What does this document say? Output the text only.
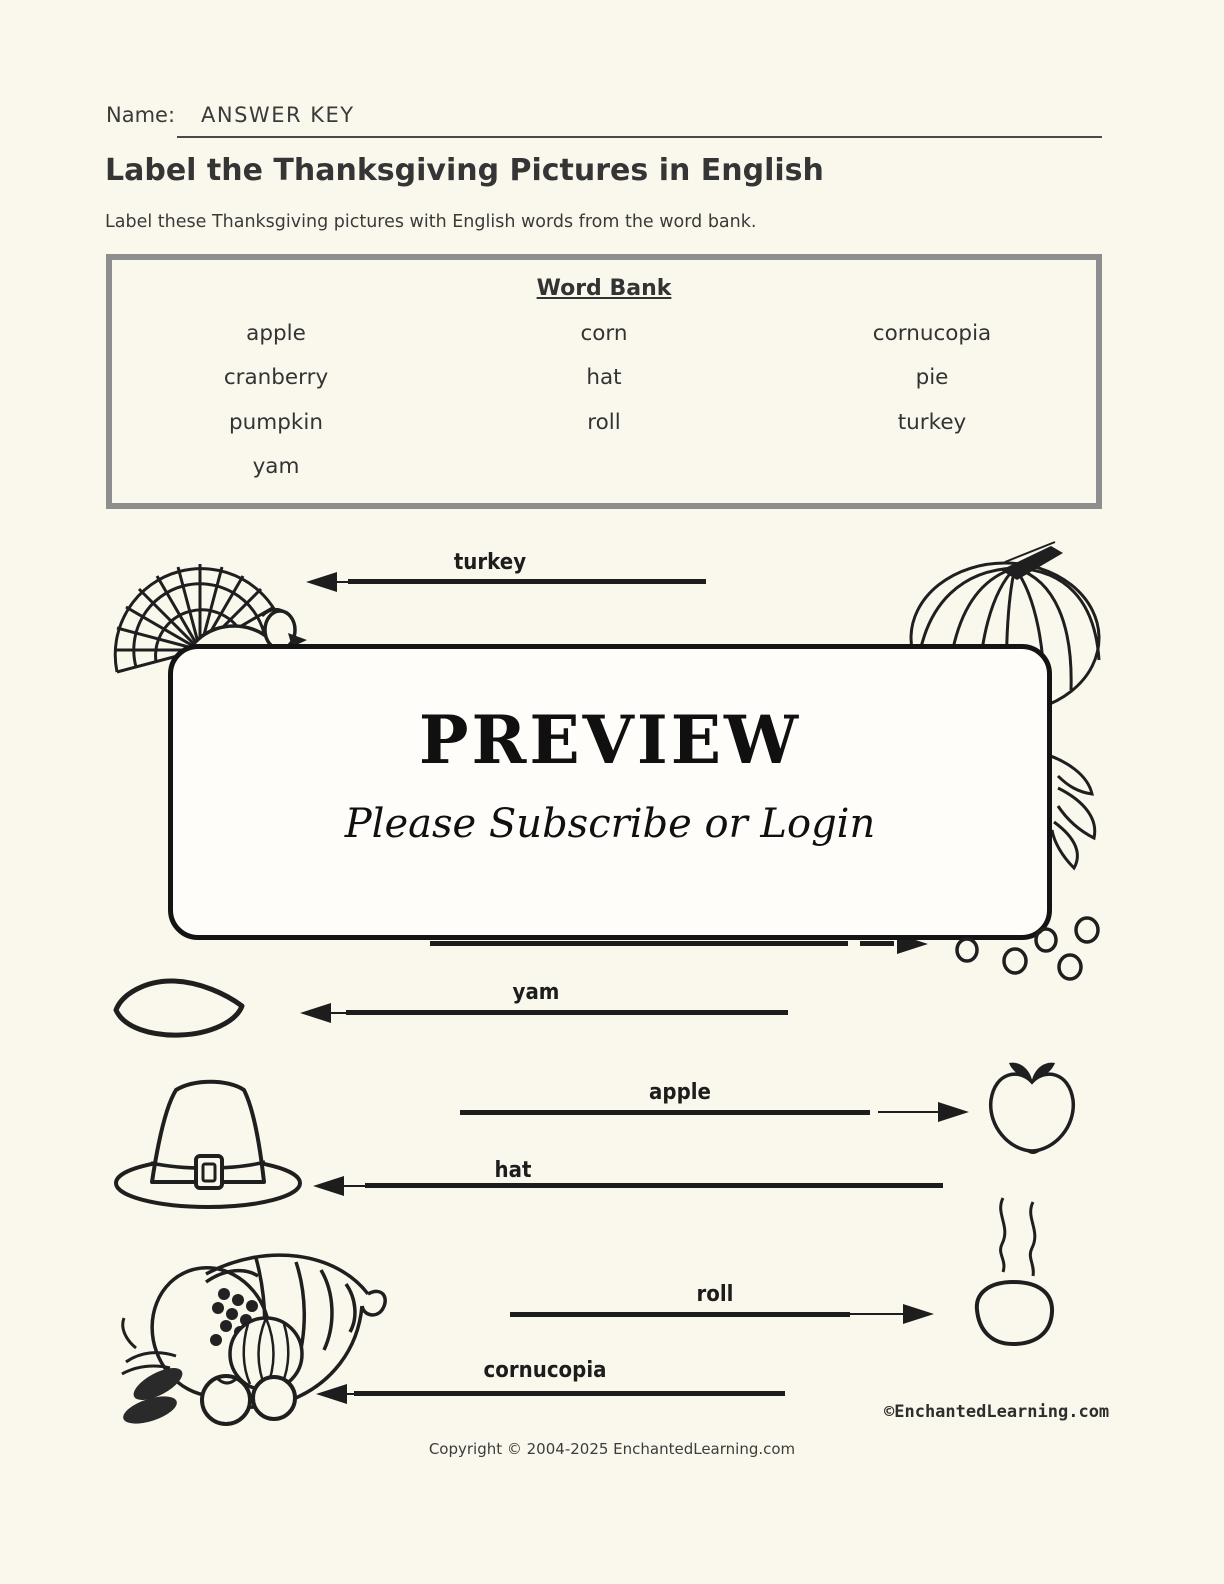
Name: ANSWER KEY
Label the Thanksgiving Pictures in English
Label these Thanksgiving pictures with English words from the word bank.
Word Bank
apple	corn	cornucopia
cranberry	hat	pie
pumpkin	roll	turkey
yam
turkey
yam
apple
hat
roll
cornucopia
PREVIEW
Please Subscribe or Login
©EnchantedLearning.com
Copyright © 2004-2025 EnchantedLearning.com
